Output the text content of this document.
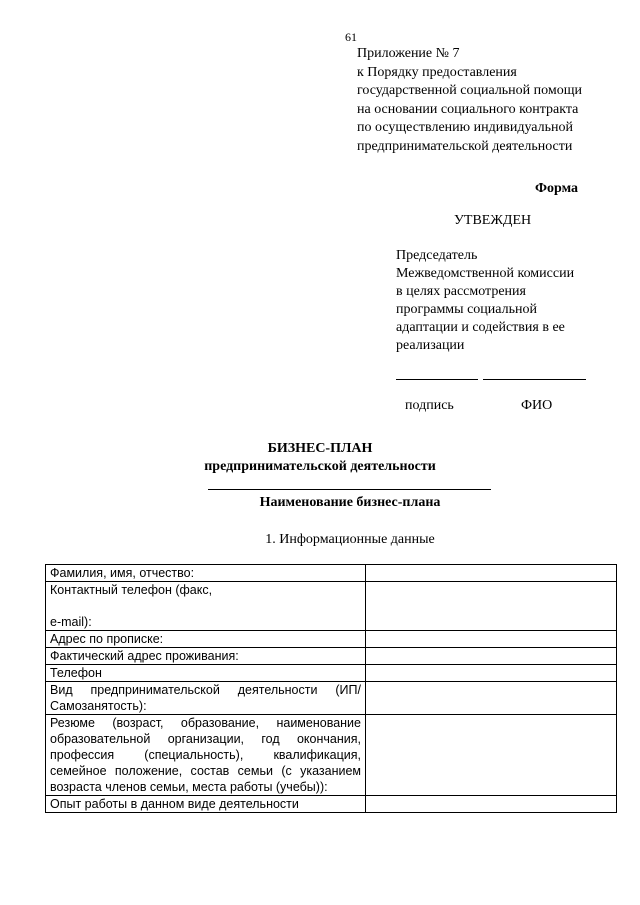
61
Приложение № 7
к Порядку предоставления
государственной социальной помощи
на основании социального контракта
по осуществлению индивидуальной
предпринимательской деятельности
Форма
УТВЕЖДЕН
Председатель
Межведомственной комиссии
в целях рассмотрения
программы социальной
адаптации и содействия в ее
реализации
подпись	ФИО
БИЗНЕС-ПЛАН
предпринимательской деятельности
Наименование бизнес-плана
1. Информационные данные
Фамилия, имя, отчество:	

Контактный телефон (факс,
e-mail):	

Адрес по прописке:	
Фактический адрес проживания:	
Телефон	
Вид предпринимательской деятельности (ИП/Самозанятость):	
Резюме (возраст, образование, наименование образовательной организации, год окончания, профессия (специальность), квалификация, семейное положение, состав семьи (с указанием возраста членов семьи, места работы (учебы)):	
Опыт работы в данном виде деятельности	
